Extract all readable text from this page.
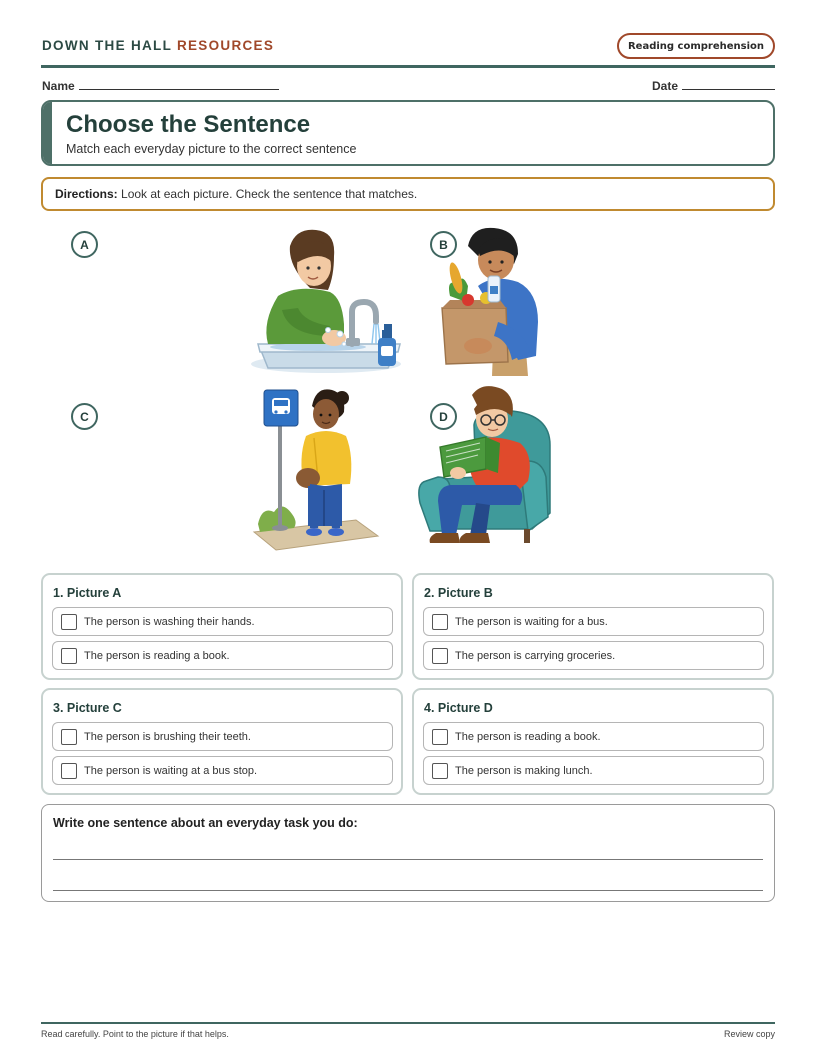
DOWN THE HALL RESOURCES	Reading comprehension
Name	Date
Choose the Sentence
Match each everyday picture to the correct sentence
Directions: Look at each picture. Check the sentence that matches.
A	B
C	D
1. Picture A
The person is washing their hands.
The person is reading a book.
2. Picture B
The person is waiting for a bus.
The person is carrying groceries.
3. Picture C
The person is brushing their teeth.
The person is waiting at a bus stop.
4. Picture D
The person is reading a book.
The person is making lunch.
Write one sentence about an everyday task you do:
Read carefully. Point to the picture if that helps.	Review copy
